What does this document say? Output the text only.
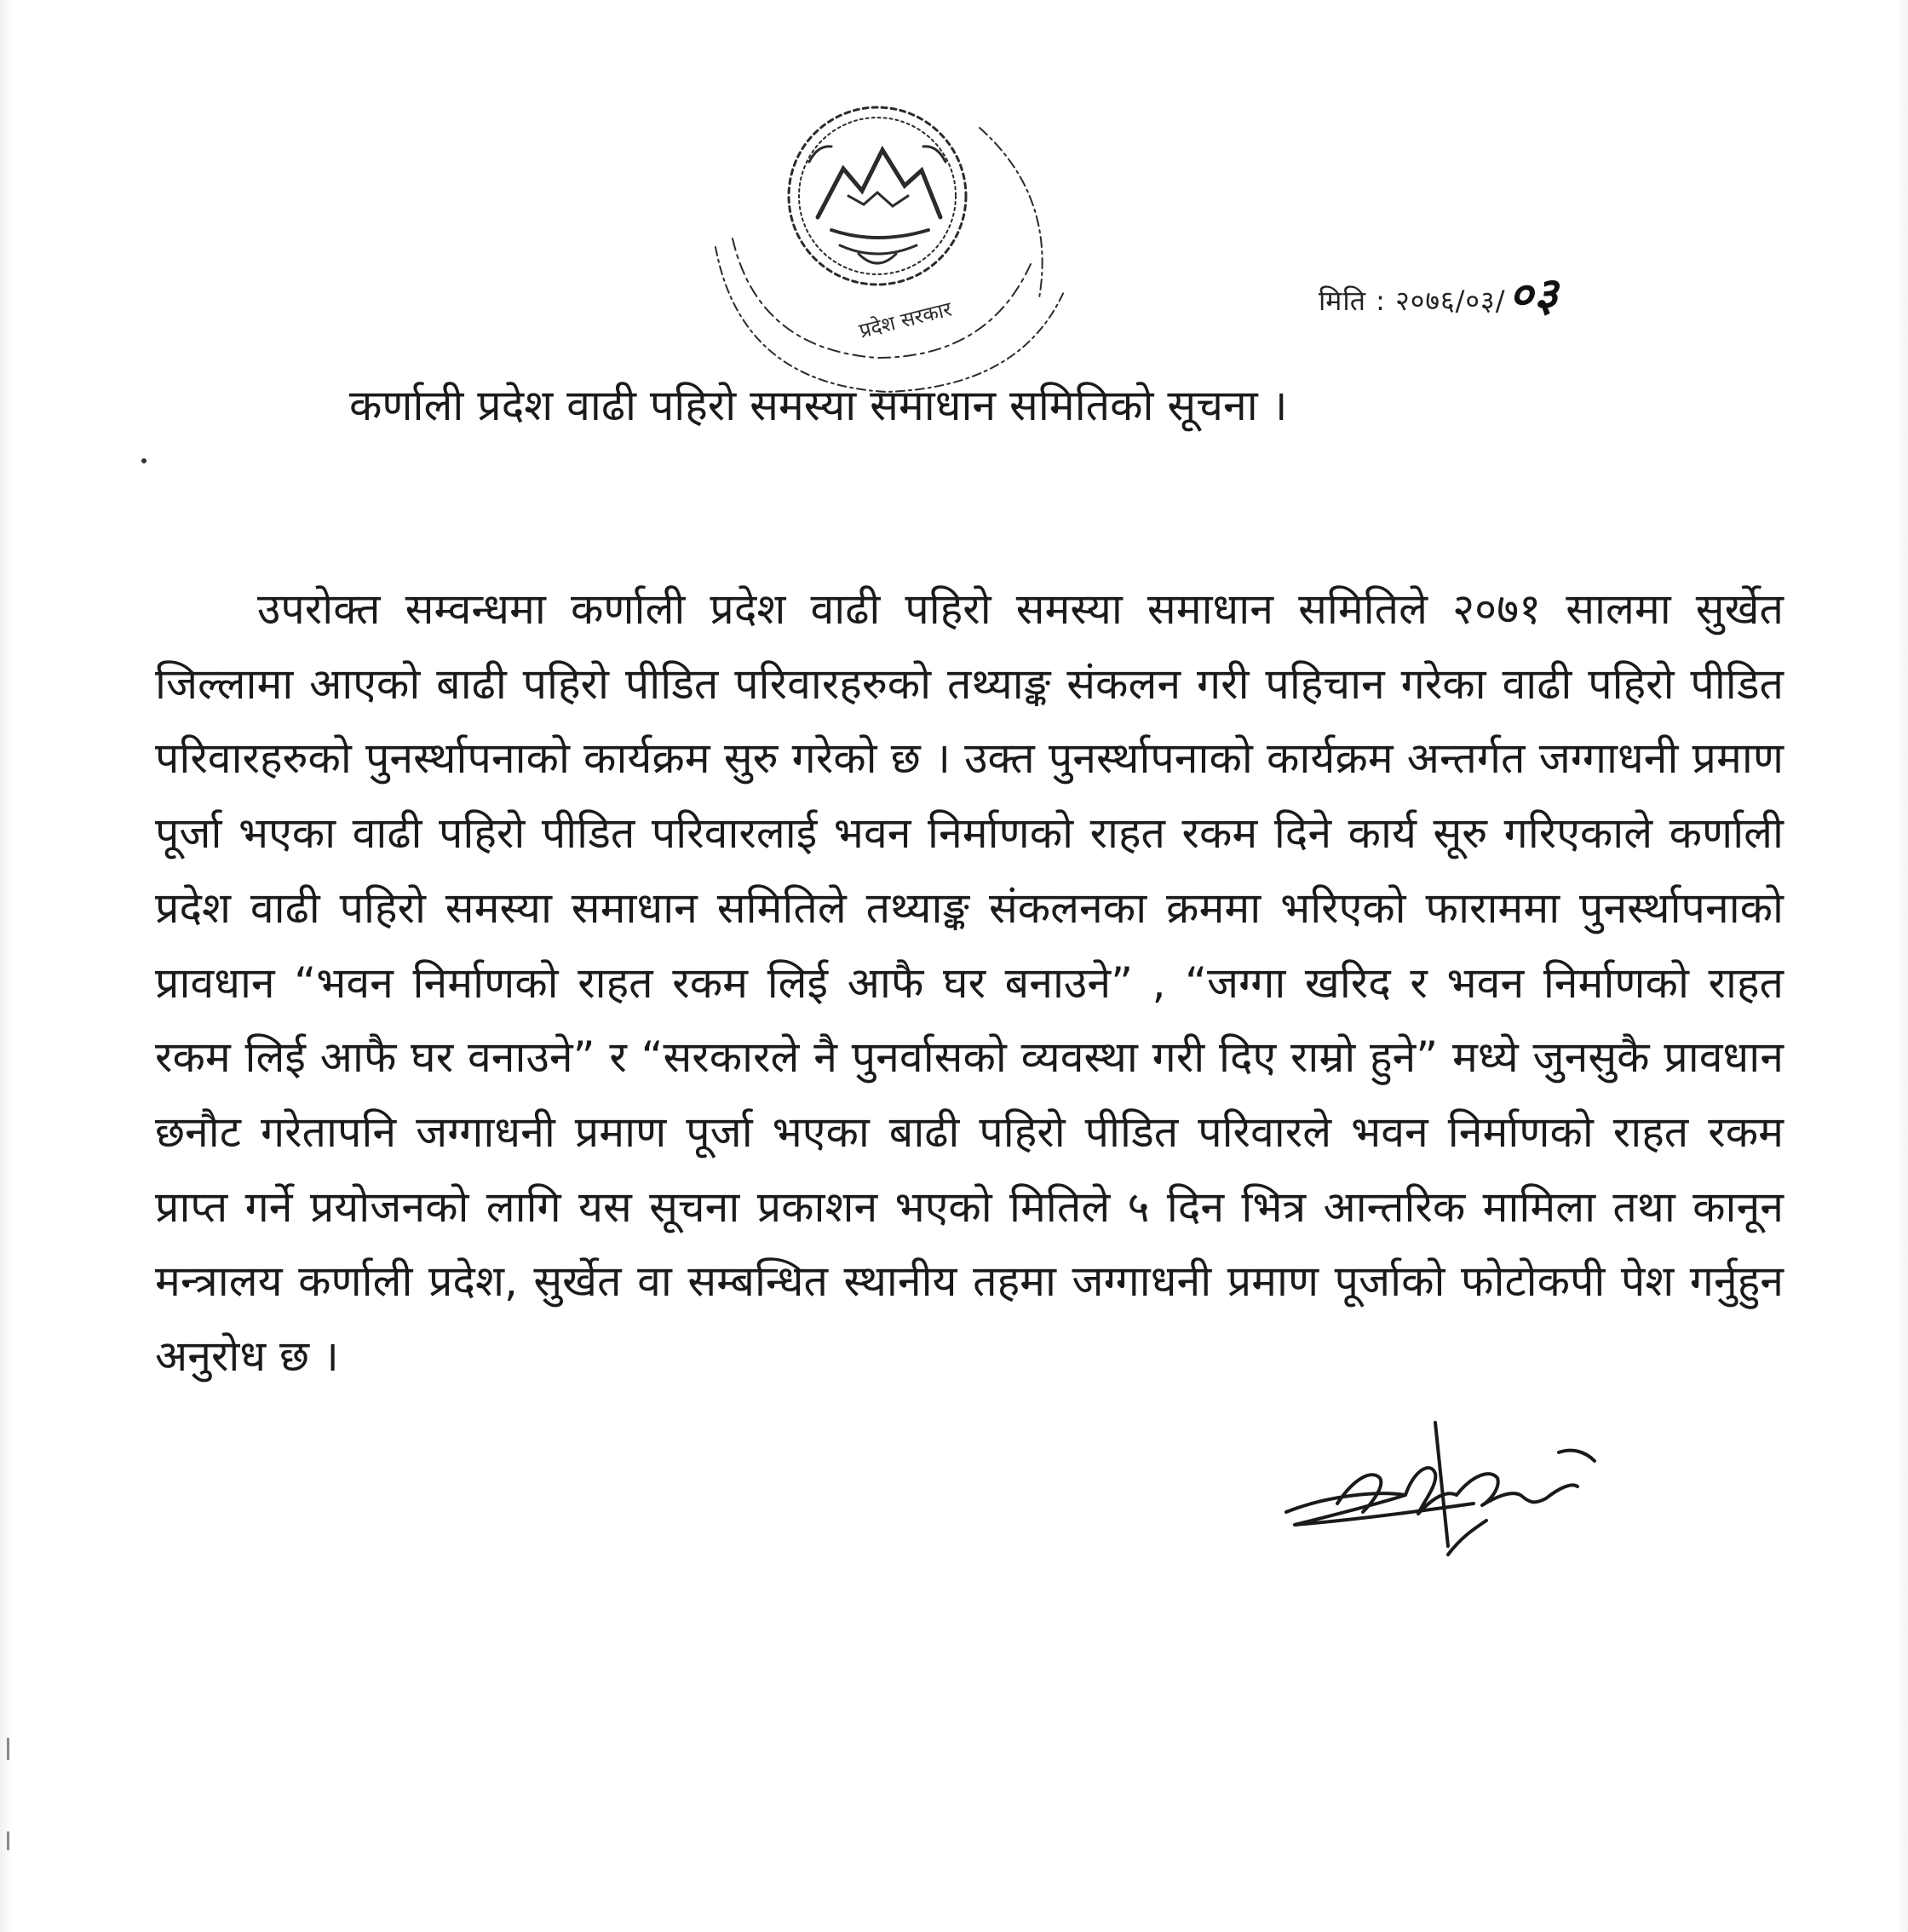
प्रदेश सरकार	मिति : २०७६/०३/०३
कर्णाली प्रदेश वाढी पहिरो समस्या समाधान समितिको सूचना ।

उपरोक्त सम्वन्धमा कर्णाली प्रदेश वाढी पहिरो समस्या समाधान समितिले २०७१ सालमा सुर्खेत जिल्लामा आएको बाढी पहिरो पीडित परिवारहरुको तथ्याङ्क संकलन गरी पहिचान गरेका वाढी पहिरो पीडित परिवारहरुको पुनर्स्थापनाको कार्यक्रम सुरु गरेको छ । उक्त पुनर्स्थापनाको कार्यक्रम अन्तर्गत जग्गाधनी प्रमाण पूर्जा भएका वाढी पहिरो पीडित परिवारलाई भवन निर्माणको राहत रकम दिने कार्य सूरु गरिएकाले कर्णाली प्रदेश वाढी पहिरो समस्या समाधान समितिले तथ्याङ्क संकलनका क्रममा भरिएको फाराममा पुनर्स्थापनाको प्रावधान “भवन निर्माणको राहत रकम लिई आफै घर बनाउने” , “जग्गा खरिद र भवन निर्माणको राहत रकम लिई आफै घर वनाउने” र “सरकारले नै पुनर्वासको व्यवस्था गरी दिए राम्रो हुने” मध्ये जुनसुकै प्रावधान छनौट गरेतापनि जग्गाधनी प्रमाण पूर्जा भएका बाढी पहिरो पीडित परिवारले भवन निर्माणको राहत रकम प्राप्त गर्ने प्रयोजनको लागि यस सूचना प्रकाशन भएको मितिले ५ दिन भित्र आन्तरिक मामिला तथा कानून मन्त्रालय कर्णाली प्रदेश, सुर्खेत वा सम्बन्धित स्थानीय तहमा जग्गाधनी प्रमाण पूर्जाको फोटोकपी पेश गर्नुहुन अनुरोध छ ।
